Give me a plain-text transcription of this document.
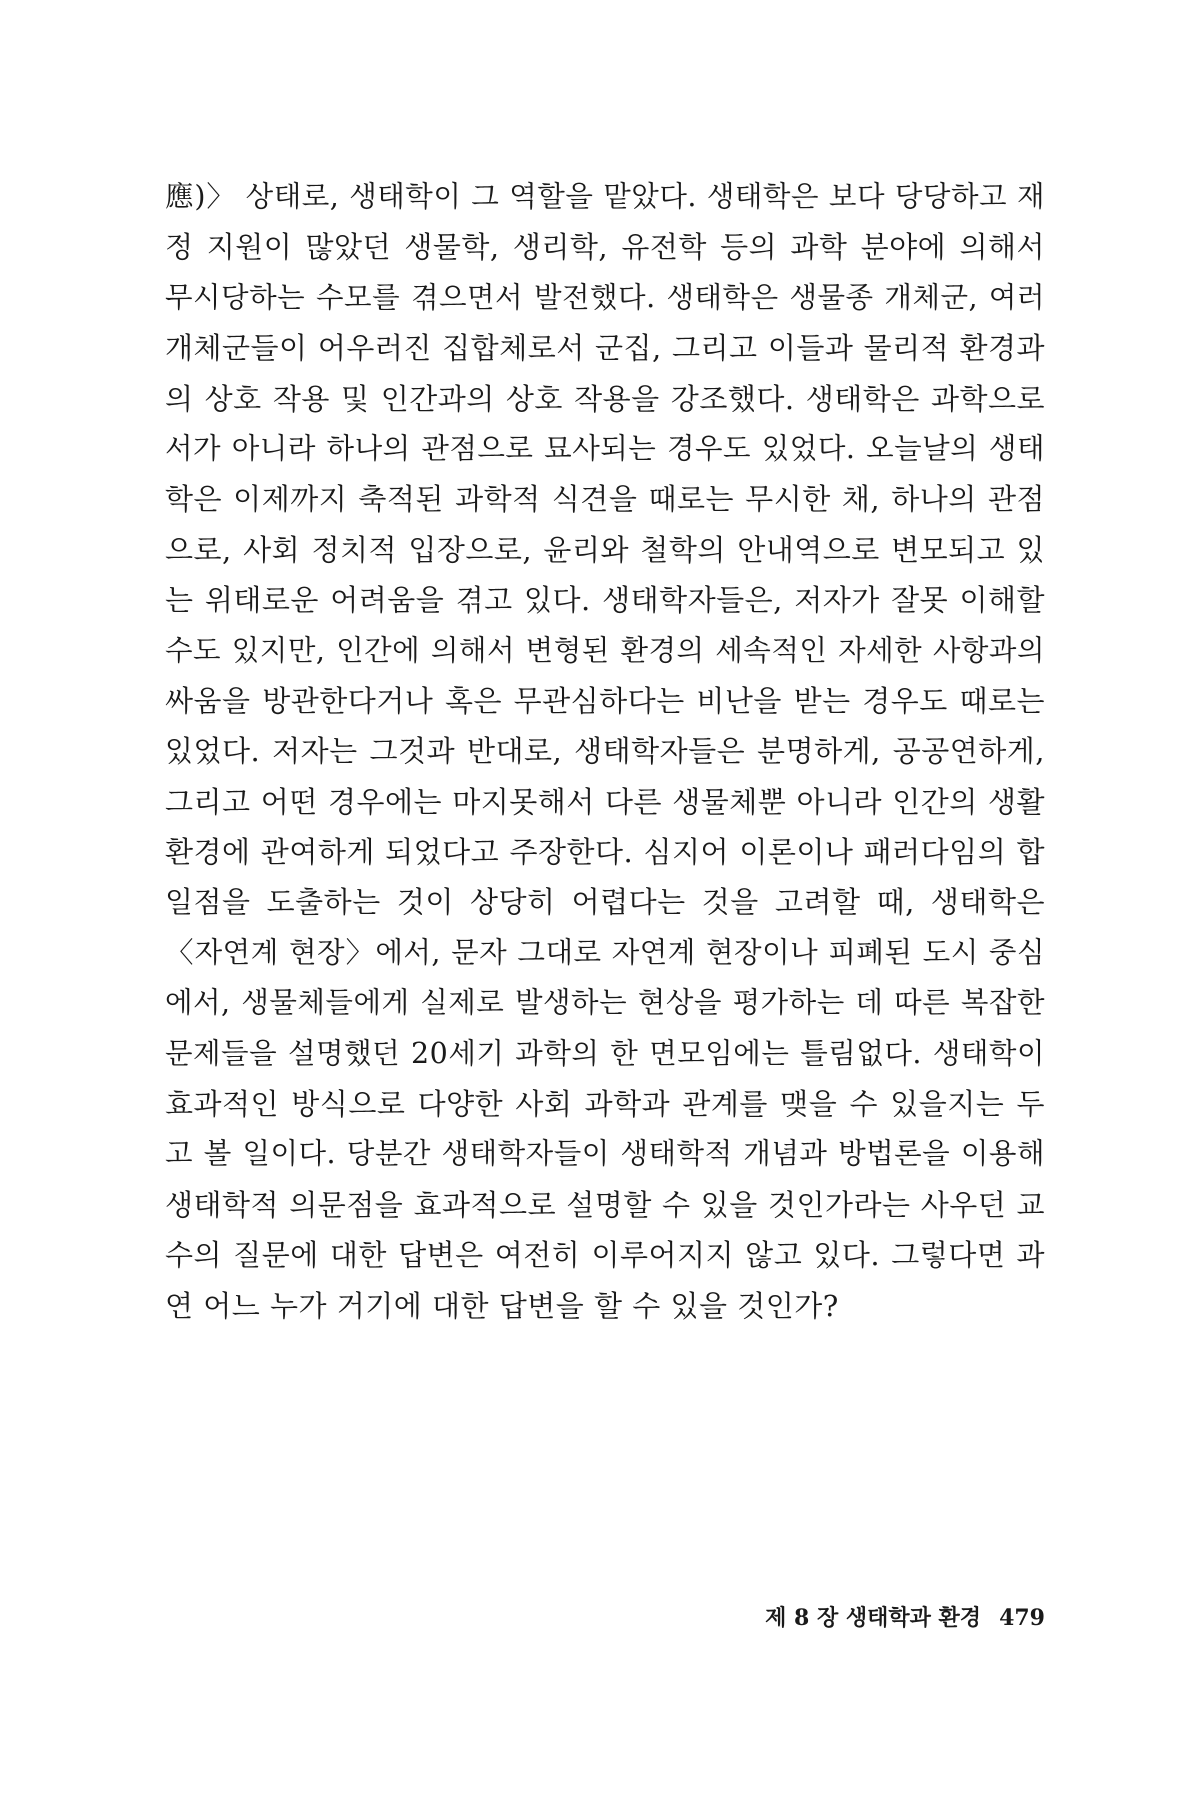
應)〉 상태로, 생태학이 그 역할을 맡았다. 생태학은 보다 당당하고 재
정 지원이 많았던 생물학, 생리학, 유전학 등의 과학 분야에 의해서
무시당하는 수모를 겪으면서 발전했다. 생태학은 생물종 개체군, 여러
개체군들이 어우러진 집합체로서 군집, 그리고 이들과 물리적 환경과
의 상호 작용 및 인간과의 상호 작용을 강조했다. 생태학은 과학으로
서가 아니라 하나의 관점으로 묘사되는 경우도 있었다. 오늘날의 생태
학은 이제까지 축적된 과학적 식견을 때로는 무시한 채, 하나의 관점
으로, 사회 정치적 입장으로, 윤리와 철학의 안내역으로 변모되고 있
는 위태로운 어려움을 겪고 있다. 생태학자들은, 저자가 잘못 이해할
수도 있지만, 인간에 의해서 변형된 환경의 세속적인 자세한 사항과의
싸움을 방관한다거나 혹은 무관심하다는 비난을 받는 경우도 때로는
있었다. 저자는 그것과 반대로, 생태학자들은 분명하게, 공공연하게,
그리고 어떤 경우에는 마지못해서 다른 생물체뿐 아니라 인간의 생활
환경에 관여하게 되었다고 주장한다. 심지어 이론이나 패러다임의 합
일점을 도출하는 것이 상당히 어렵다는 것을 고려할 때, 생태학은
〈자연계 현장〉에서, 문자 그대로 자연계 현장이나 피폐된 도시 중심
에서, 생물체들에게 실제로 발생하는 현상을 평가하는 데 따른 복잡한
문제들을 설명했던 20세기 과학의 한 면모임에는 틀림없다. 생태학이
효과적인 방식으로 다양한 사회 과학과 관계를 맺을 수 있을지는 두
고 볼 일이다. 당분간 생태학자들이 생태학적 개념과 방법론을 이용해
생태학적 의문점을 효과적으로 설명할 수 있을 것인가라는 사우던 교
수의 질문에 대한 답변은 여전히 이루어지지 않고 있다. 그렇다면 과
연 어느 누가 거기에 대한 답변을 할 수 있을 것인가?
제 8 장 생태학과 환경 479
